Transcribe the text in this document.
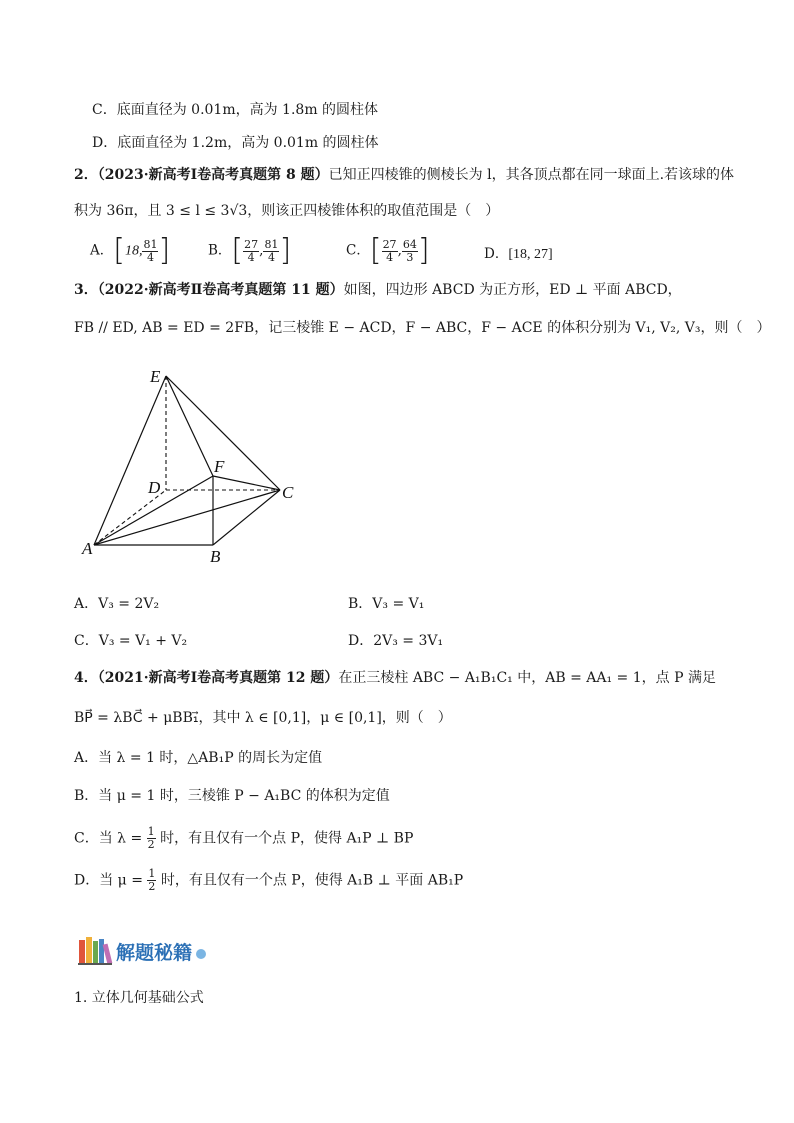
C．底面直径为 0.01m，高为 1.8m 的圆柱体
D．底面直径为 1.2m，高为 0.01m 的圆柱体
2．（2023·新高考Ⅰ卷高考真题第 8 题）已知正四棱锥的侧棱长为 l，其各顶点都在同一球面上.若该球的体
积为 36π，且 3 ≤ l ≤ 3√3，则该正四棱锥体积的取值范围是（　）
A．[18, $\frac{81}{4}$ ]	B．[ $\frac{27}{4}$ , $\frac{81}{4}$ ]	C．[ $\frac{27}{4}$ , $\frac{64}{3}$ ]	D．[18, 27]
3．（2022·新高考Ⅱ卷高考真题第 11 题）如图，四边形 ABCD 为正方形，ED ⊥ 平面 ABCD，
FB // ED, AB = ED = 2FB，记三棱锥 E − ACD，F − ABC，F − ACE 的体积分别为 V₁, V₂, V₃，则（　）
E
F
D	C
A	B
A．V₃ = 2V₂	B．V₃ = V₁
C．V₃ = V₁ + V₂	D．2V₃ = 3V₁
4．（2021·新高考Ⅰ卷高考真题第 12 题）在正三棱柱 ABC − A₁B₁C₁ 中，AB = AA₁ = 1，点 P 满足
BP⃗ = λBC⃗ + μBB₁⃗，其中 λ ∈ [0,1]，μ ∈ [0,1]，则（　）
A．当 λ = 1 时，△AB₁P 的周长为定值
B．当 μ = 1 时，三棱锥 P − A₁BC 的体积为定值
C．当 $\lambda = \frac{1}{2}$ 时，有且仅有一个点 P，使得 A₁P ⊥ BP
D．当 $\mu = \frac{1}{2}$ 时，有且仅有一个点 P，使得 A₁B ⊥ 平面 AB₁P
解题秘籍
1. 立体几何基础公式
